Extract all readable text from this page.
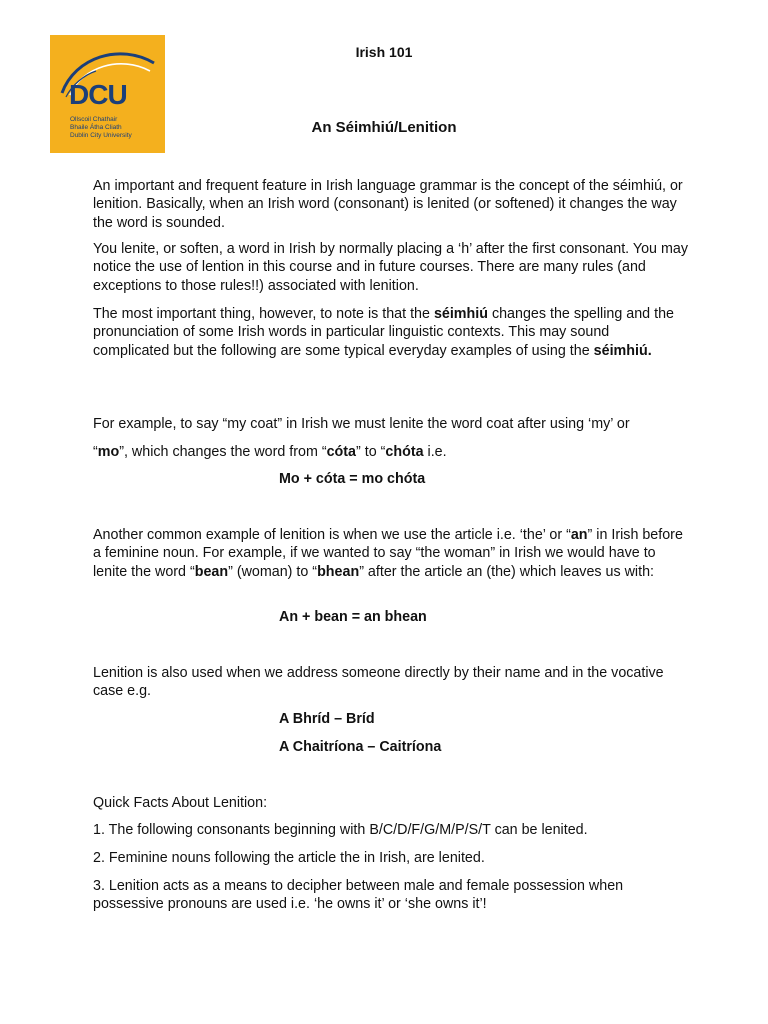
DCU
Ollscoil Chathair
Bhaile Átha Cliath
Dublin City University
Irish 101
An Séimhiú/Lenition

An important and frequent feature in Irish language grammar is the concept of the séimhiú, or lenition. Basically, when an Irish word (consonant) is lenited (or softened) it changes the way the word is sounded.

You lenite, or soften, a word in Irish by normally placing a ‘h’ after the first consonant. You may notice the use of lention in this course and in future courses. There are many rules (and exceptions to those rules!!) associated with lenition.

The most important thing, however, to note is that the séimhiú changes the spelling and the pronunciation of some Irish words in particular linguistic contexts. This may sound complicated but the following are some typical everyday examples of using the séimhiú.

For example, to say “my coat” in Irish we must lenite the word coat after using ‘my’ or

“mo”, which changes the word from “cóta” to “chóta i.e.

Mo + cóta = mo chóta

Another common example of lenition is when we use the article i.e. ‘the’ or “an” in Irish before a feminine noun. For example, if we wanted to say “the woman” in Irish we would have to lenite the word “bean” (woman) to “bhean” after the article an (the) which leaves us with:

An + bean = an bhean

Lenition is also used when we address someone directly by their name and in the vocative case e.g.

A Bhríd – Bríd

A Chaitríona – Caitríona

Quick Facts About Lenition:

1. The following consonants beginning with B/C/D/F/G/M/P/S/T can be lenited.

2. Feminine nouns following the article the in Irish, are lenited.

3. Lenition acts as a means to decipher between male and female possession when possessive pronouns are used i.e. ‘he owns it’ or ‘she owns it’!
